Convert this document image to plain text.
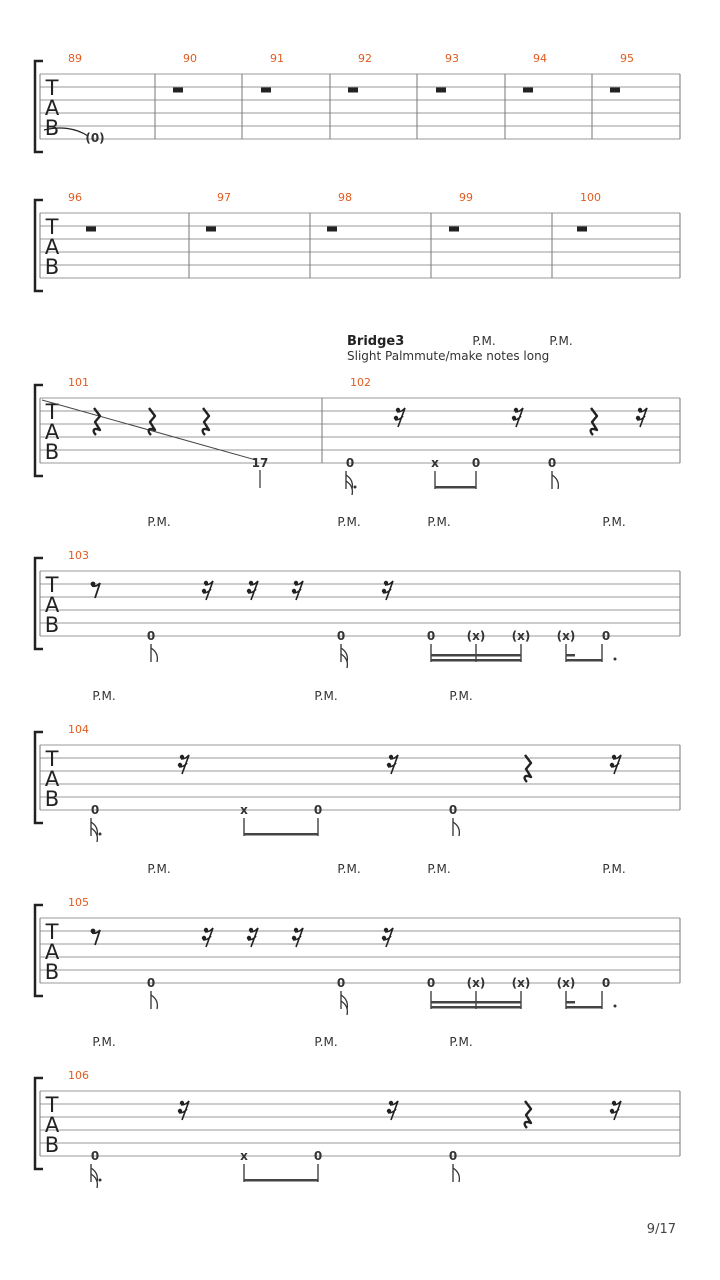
T
A
B
89	90	91	92	93	94	95
(0)
T
A
B
96	97	98	99	100
Bridge3
Slight Palmmute/make notes long
P.M.	P.M.
T
A
B
101	102
17	0	x	0	0
P.M.	P.M.	P.M.	P.M.
T
A
B
103
0	0	0	(x) (x) (x) 0
P.M.	P.M.	P.M.
T
A
B
104
0	x	0	0
P.M.	P.M.	P.M.	P.M.
T
A
B
105
0	0	0	(x) (x) (x) 0
P.M.	P.M.	P.M.
T
A
B
106
0	x	0	0
9/17
